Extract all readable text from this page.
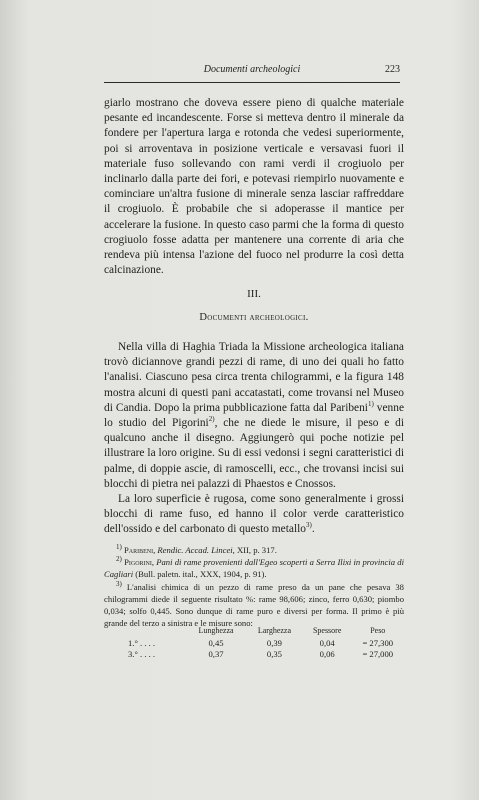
Documenti archeologici	223

giarlo mostrano che doveva essere pieno di qualche materiale pesante ed incandescente. Forse si metteva dentro il minerale da fondere per l'apertura larga e rotonda che vedesi superiormente, poi si arroventava in posizione verticale e versavasi fuori il materiale fuso sollevando con rami verdi il crogiuolo per inclinarlo dalla parte dei fori, e potevasi riempirlo nuovamente e cominciare un'altra fusione di minerale senza lasciar raffreddare il crogiuolo. È probabile che si adoperasse il mantice per accelerare la fusione. In questo caso parmi che la forma di questo crogiuolo fosse adatta per mantenere una corrente di aria che rendeva più intensa l'azione del fuoco nel produrre la così detta calcinazione.

III.
Documenti archeologici.

Nella villa di Haghia Triada la Missione archeologica italiana trovò diciannove grandi pezzi di rame, di uno dei quali ho fatto l'analisi. Ciascuno pesa circa trenta chilogrammi, e la figura 148 mostra alcuni di questi pani accatastati, come trovansi nel Museo di Candia. Dopo la prima pubblicazione fatta dal Paribeni$^{1)}$ venne lo studio del Pigorini$^{2)}$, che ne diede le misure, il peso e di qualcuno anche il disegno. Aggiungerò qui poche notizie pel illustrare la loro origine. Su di essi vedonsi i segni caratteristici di palme, di doppie ascie, di ramoscelli, ecc., che trovansi incisi sui blocchi di pietra nei palazzi di Phaestos e Cnossos.

La loro superficie è rugosa, come sono generalmente i grossi blocchi di rame fuso, ed hanno il color verde caratteristico dell'ossido e del carbonato di questo metallo$^{3)}$.

$^{1)}$ Paribeni, Rendic. Accad. Lincei, XII, p. 317.

$^{2)}$ Pigorini, Pani di rame provenienti dall'Egeo scoperti a Serra Ilixi in provincia di Cagliari (Bull. paletn. ital., XXX, 1904, p. 91).

$^{3)}$ L'analisi chimica di un pezzo di rame preso da un pane che pesava 38 chilogrammi diede il seguente risultato %: rame 98,606; zinco, ferro 0,630; piombo 0,034; solfo 0,445. Sono dunque di rame puro e diversi per forma. Il primo è più grande del terzo a sinistra e le misure sono:

	Lunghezza	Larghezza	Spessore	Peso
1.° . . . .	0,45	0,39	0,04	= 27,300
3.° . . . .	0,37	0,35	0,06	= 27,000
